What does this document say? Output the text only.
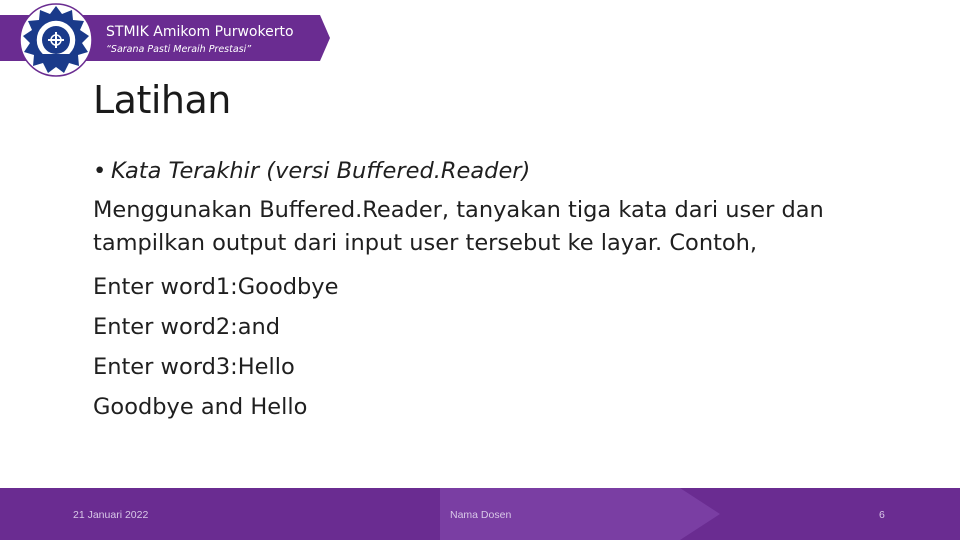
STMIK Amikom Purwokerto
“Sarana Pasti Meraih Prestasi”
Latihan
• Kata Terakhir (versi Buffered.Reader)
Menggunakan Buffered.Reader, tanyakan tiga kata dari user dan tampilkan output dari input user tersebut ke layar. Contoh,
Enter word1:Goodbye
Enter word2:and
Enter word3:Hello
Goodbye and Hello
21 Januari 2022	Nama Dosen	6
